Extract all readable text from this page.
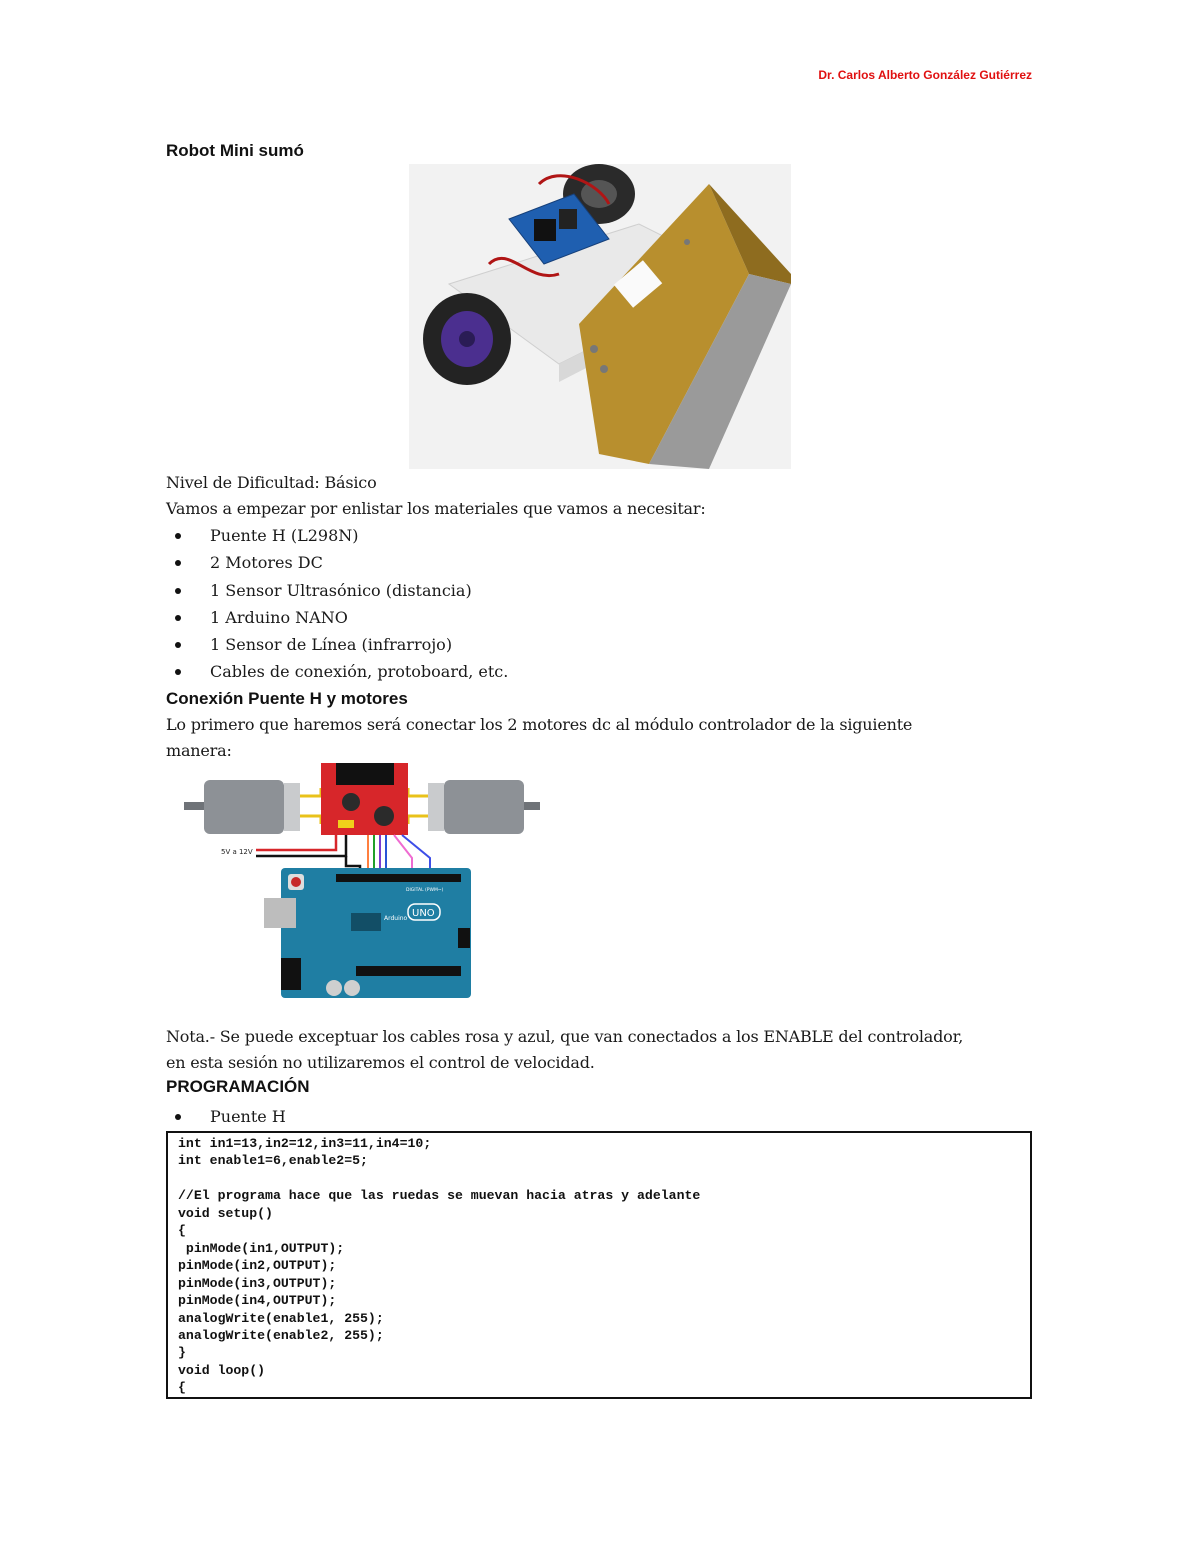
Dr. Carlos Alberto González Gutiérrez
Robot Mini sumó
Nivel de Dificultad: Básico
Vamos a empezar por enlistar los materiales que vamos a necesitar:
Puente H (L298N)
2 Motores DC
1 Sensor Ultrasónico (distancia)
1 Arduino NANO
1 Sensor de Línea (infrarrojo)
Cables de conexión, protoboard, etc.
Conexión Puente H y motores
Lo primero que haremos será conectar los 2 motores dc al módulo controlador de la siguiente
manera:
5V a 12V
Arduino UNO
DIGITAL (PWM~)
Nota.- Se puede exceptuar los cables rosa y azul, que van conectados a los ENABLE del controlador,
en esta sesión no utilizaremos el control de velocidad.
PROGRAMACIÓN
Puente H
int in1=13,in2=12,in3=11,in4=10;
int enable1=6,enable2=5;

//El programa hace que las ruedas se muevan hacia atras y adelante
void setup()
{
pinMode(in1,OUTPUT);
pinMode(in2,OUTPUT);
pinMode(in3,OUTPUT);
pinMode(in4,OUTPUT);
analogWrite(enable1, 255);
analogWrite(enable2, 255);
}
void loop()
{
